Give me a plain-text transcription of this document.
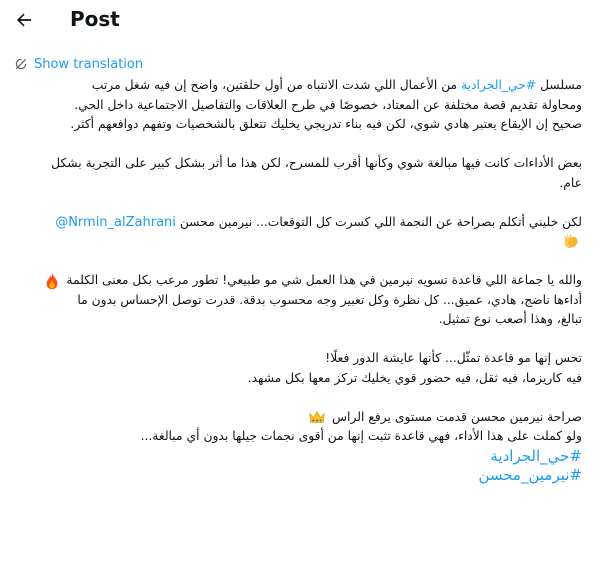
Post
Show translation
مسلسل #حي_الجرادية من الأعمال اللي شدت الانتباه من أول حلقتين، واضح إن فيه شغل مرتب
ومحاولة تقديم قصة مختلفة عن المعتاد، خصوصًا في طرح العلاقات والتفاصيل الاجتماعية داخل الحي.
صحيح إن الإيقاع يعتبر هادي شوي، لكن فيه بناء تدريجي يخليك تتعلق بالشخصيات وتفهم دوافعهم أكثر.
بعض الأداءات كانت فيها مبالغة شوي وكأنها أقرب للمسرح، لكن هذا ما أثر بشكل كبير على التجربة بشكل
عام.
لكن خليني أتكلم بصراحة عن النجمة اللي كسرت كل التوقعات... نيرمين محسن @Nrmin_alZahrani
والله يا جماعة اللي قاعدة تسويه نيرمين في هذا العمل شي مو طبيعي! تطور مرعب بكل معنى الكلمة
أداءها ناضج، هادي، عميق... كل نظرة وكل تعبير وجه محسوب بدقة. قدرت توصل الإحساس بدون ما
تبالغ، وهذا أصعب نوع تمثيل.
تحس إنها مو قاعدة تمثّل... كأنها عايشة الدور فعلًا!
فيه كاريزما، فيه ثقل، فيه حضور قوي يخليك تركز معها بكل مشهد.
صراحة نيرمين محسن قدمت مستوى يرفع الراس
ولو كملت على هذا الأداء، فهي قاعدة تثبت إنها من أقوى نجمات جيلها بدون أي مبالغة...
#حي_الجرادية
#نيرمين_محسن
